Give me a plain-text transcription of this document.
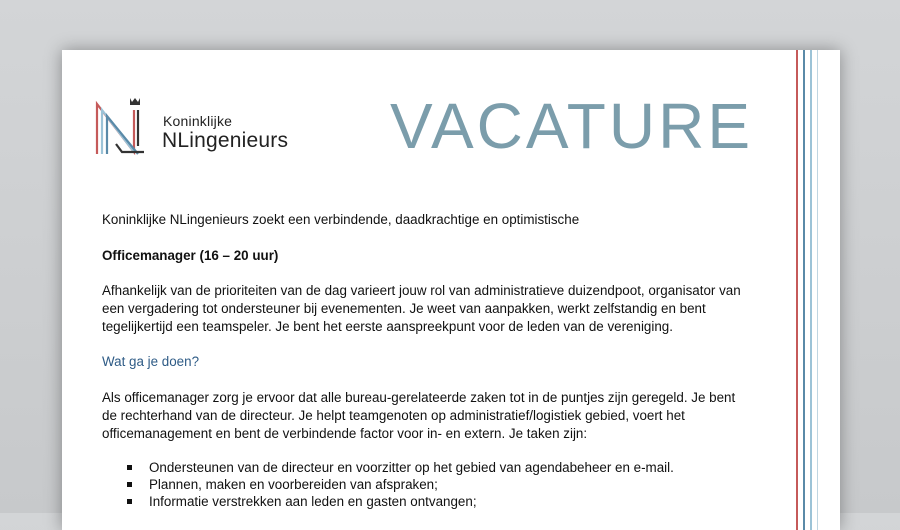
Koninklijke
NLingenieurs VACATURE

Koninklijke NLingenieurs zoekt een verbindende, daadkrachtige en optimistische

Officemanager (16 – 20 uur)

Afhankelijk van de prioriteiten van de dag varieert jouw rol van administratieve duizendpoot, organisator van
een vergadering tot ondersteuner bij evenementen. Je weet van aanpakken, werkt zelfstandig en bent
tegelijkertijd een teamspeler. Je bent het eerste aanspreekpunt voor de leden van de vereniging.

Wat ga je doen?

Als officemanager zorg je ervoor dat alle bureau-gerelateerde zaken tot in de puntjes zijn geregeld. Je bent
de rechterhand van de directeur. Je helpt teamgenoten op administratief/logistiek gebied, voert het
officemanagement en bent de verbindende factor voor in- en extern. Je taken zijn:
Ondersteunen van de directeur en voorzitter op het gebied van agendabeheer en e-mail.
Plannen, maken en voorbereiden van afspraken;
Informatie verstrekken aan leden en gasten ontvangen;
